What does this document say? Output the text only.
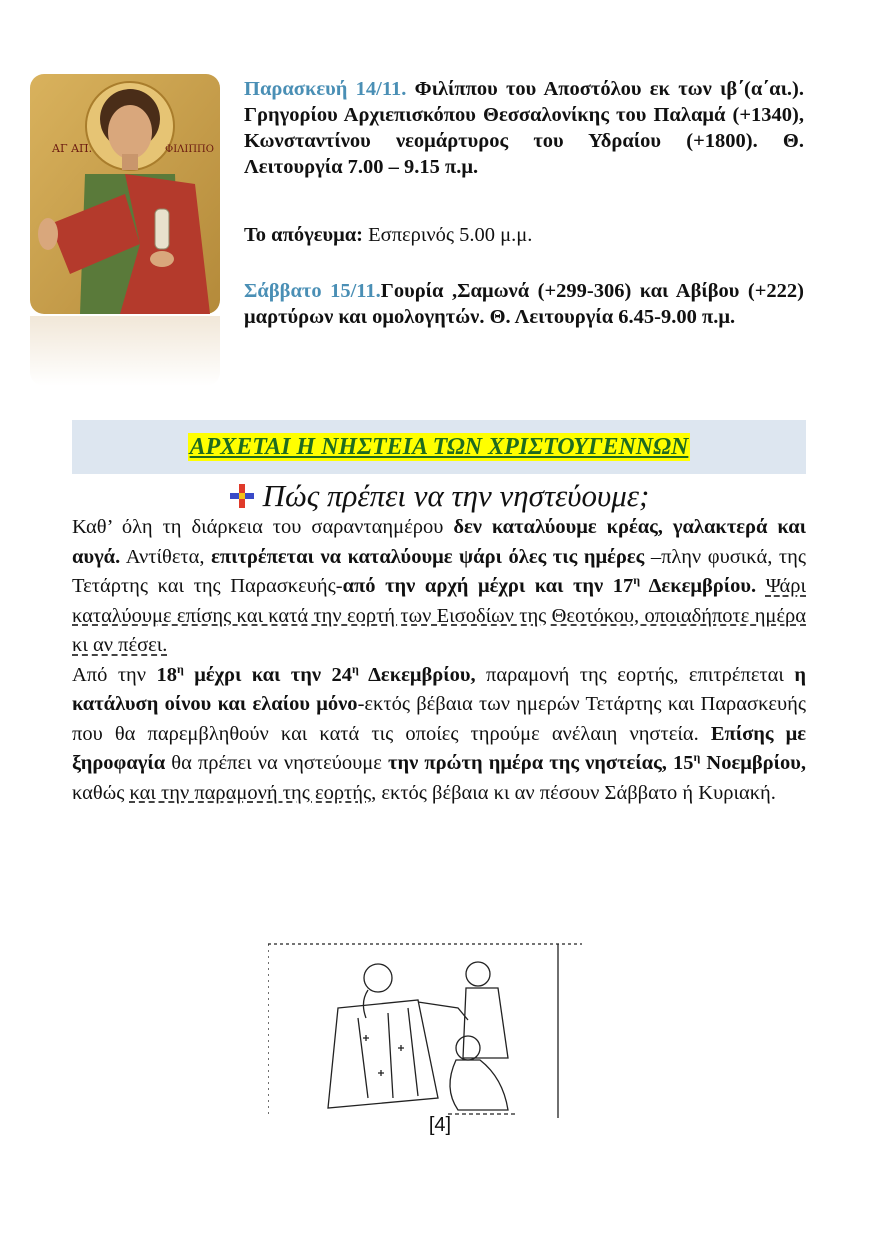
ΑΓ ΑΠ.	ΦΙΛΙΠΠΟ
Παρασκευή 14/11. Φιλίππου του Αποστόλου εκ των ιβ΄(α΄αι.). Γρηγορίου Αρχιεπισκόπου Θεσσαλονίκης του Παλαμά (+1340), Κωνσταντίνου νεομάρτυρος του Υδραίου (+1800). Θ. Λειτουργία 7.00 – 9.15 π.μ.
Το απόγευμα: Εσπερινός 5.00 μ.μ.
Σάββατο 15/11.Γουρία ,Σαμωνά (+299-306) και Αβίβου (+222) μαρτύρων και ομολογητών. Θ. Λειτουργία 6.45-9.00 π.μ.
ΑΡΧΕΤΑΙ Η ΝΗΣΤΕΙΑ ΤΩΝ ΧΡΙΣΤΟΥΓΕΝΝΩΝ
Πώς πρέπει να την νηστεύουμε;

Καθ’ όλη τη διάρκεια του σαρανταημέρου δεν καταλύουμε κρέας, γαλακτερά και αυγά. Αντίθετα, επιτρέπεται να καταλύουμε ψάρι όλες τις ημέρες –πλην φυσικά, της Τετάρτης και της Παρασκευής-από την αρχή μέχρι και την $17^\eta$ Δεκεμβρίου. Ψάρι καταλύουμε επίσης και κατά την εορτή των Εισοδίων της Θεοτόκου, οποιαδήποτε ημέρα κι αν πέσει.

Από την $18^\eta$ μέχρι και την $24^\eta$ Δεκεμβρίου, παραμονή της εορτής, επιτρέπεται η κατάλυση οίνου και ελαίου μόνο-εκτός βέβαια των ημερών Τετάρτης και Παρασκευής που θα παρεμβληθούν και κατά τις οποίες τηρούμε ανέλαιη νηστεία. Επίσης με ξηροφαγία θα πρέπει να νηστεύουμε την πρώτη ημέρα της νηστείας, $15^\eta$ Νοεμβρίου, καθώς και την παραμονή της εορτής, εκτός βέβαια κι αν πέσουν Σάββατο ή Κυριακή.

[4]
